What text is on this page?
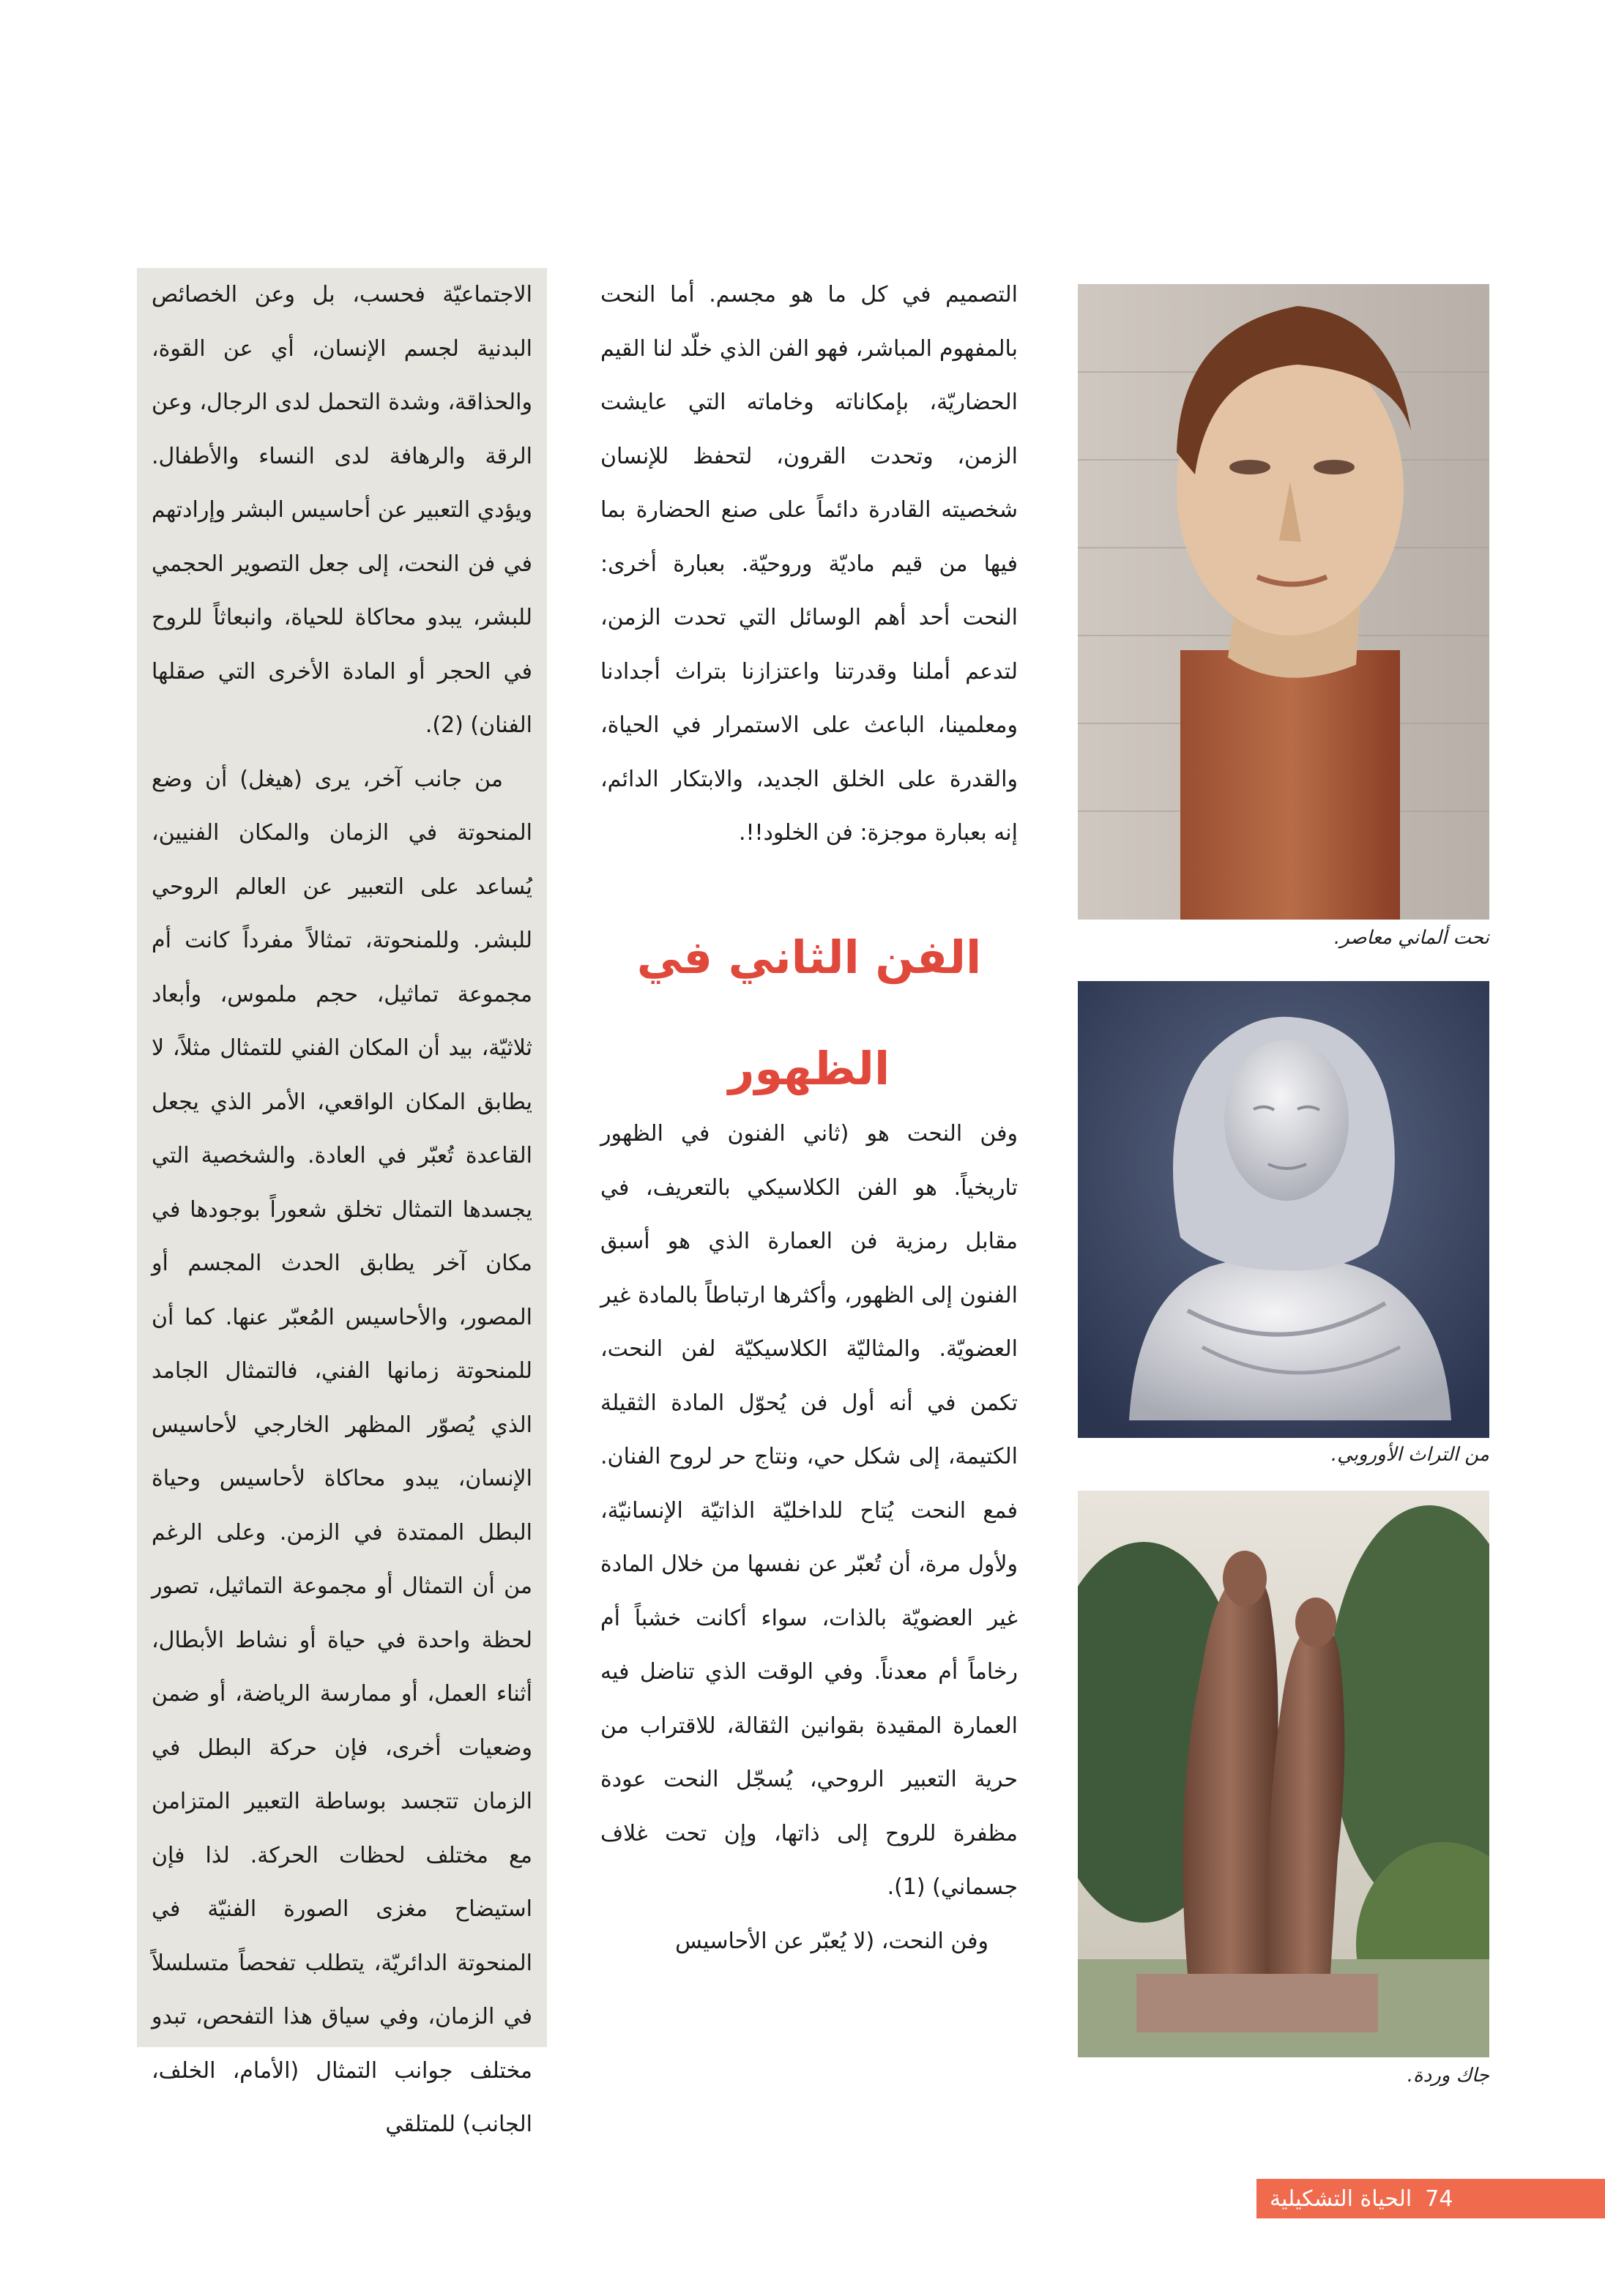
الاجتماعيّة فحسب، بل وعن الخصائص البدنية لجسم الإنسان، أي عن القوة، والحذاقة، وشدة التحمل لدى الرجال، وعن الرقة والرهافة لدى النساء والأطفال. ويؤدي التعبير عن أحاسيس البشر وإرادتهم في فن النحت، إلى جعل التصوير الحجمي للبشر، يبدو محاكاة للحياة، وانبعاثاً للروح في الحجر أو المادة الأخرى التي صقلها الفنان) (2).

من جانب آخر، يرى (هيغل) أن وضع المنحوتة في الزمان والمكان الفنيين، يُساعد على التعبير عن العالم الروحي للبشر. وللمنحوتة، تمثالاً مفرداً كانت أم مجموعة تماثيل، حجم ملموس، وأبعاد ثلاثيّة، بيد أن المكان الفني للتمثال مثلاً، لا يطابق المكان الواقعي، الأمر الذي يجعل القاعدة تُعبّر في العادة. والشخصية التي يجسدها التمثال تخلق شعوراً بوجودها في مكان آخر يطابق الحدث المجسم أو المصور، والأحاسيس المُعبّر عنها. كما أن للمنحوتة زمانها الفني، فالتمثال الجامد الذي يُصوّر المظهر الخارجي لأحاسيس الإنسان، يبدو محاكاة لأحاسيس وحياة البطل الممتدة في الزمن. وعلى الرغم من أن التمثال أو مجموعة التماثيل، تصور لحظة واحدة في حياة أو نشاط الأبطال، أثناء العمل، أو ممارسة الرياضة، أو ضمن وضعيات أخرى، فإن حركة البطل في الزمان تتجسد بوساطة التعبير المتزامن مع مختلف لحظات الحركة. لذا فإن استيضاح مغزى الصورة الفنيّة في المنحوتة الدائريّة، يتطلب تفحصاً متسلسلاً في الزمان، وفي سياق هذا التفحص، تبدو مختلف جوانب التمثال (الأمام، الخلف، الجانب) للمتلقي

التصميم في كل ما هو مجسم. أما النحت بالمفهوم المباشر، فهو الفن الذي خلّد لنا القيم الحضاريّة، بإمكاناته وخاماته التي عايشت الزمن، وتحدت القرون، لتحفظ للإنسان شخصيته القادرة دائماً على صنع الحضارة بما فيها من قيم ماديّة وروحيّة. بعبارة أخرى: النحت أحد أهم الوسائل التي تحدت الزمن، لتدعم أملنا وقدرتنا واعتزازنا بتراث أجدادنا ومعلمينا، الباعث على الاستمرار في الحياة، والقدرة على الخلق الجديد، والابتكار الدائم، إنه بعبارة موجزة: فن الخلود!!.

الفن الثاني في
الظهور

وفن النحت هو (ثاني الفنون في الظهور تاريخياً. هو الفن الكلاسيكي بالتعريف، في مقابل رمزية فن العمارة الذي هو أسبق الفنون إلى الظهور، وأكثرها ارتباطاً بالمادة غير العضويّة. والمثاليّة الكلاسيكيّة لفن النحت، تكمن في أنه أول فن يُحوّل المادة الثقيلة الكتيمة، إلى شكل حي، ونتاج حر لروح الفنان. فمع النحت يُتاح للداخليّة الذاتيّة الإنسانيّة، ولأول مرة، أن تُعبّر عن نفسها من خلال المادة غير العضويّة بالذات، سواء أكانت خشباً أم رخاماً أم معدناً. وفي الوقت الذي تناضل فيه العمارة المقيدة بقوانين الثقالة، للاقتراب من حرية التعبير الروحي، يُسجّل النحت عودة مظفرة للروح إلى ذاتها، وإن تحت غلاف جسماني) (1).

وفن النحت، (لا يُعبّر عن الأحاسيس

نحت ألماني معاصر.
من التراث الأوروبي.
جاك وردة.
74
الحياة التشكيلية
